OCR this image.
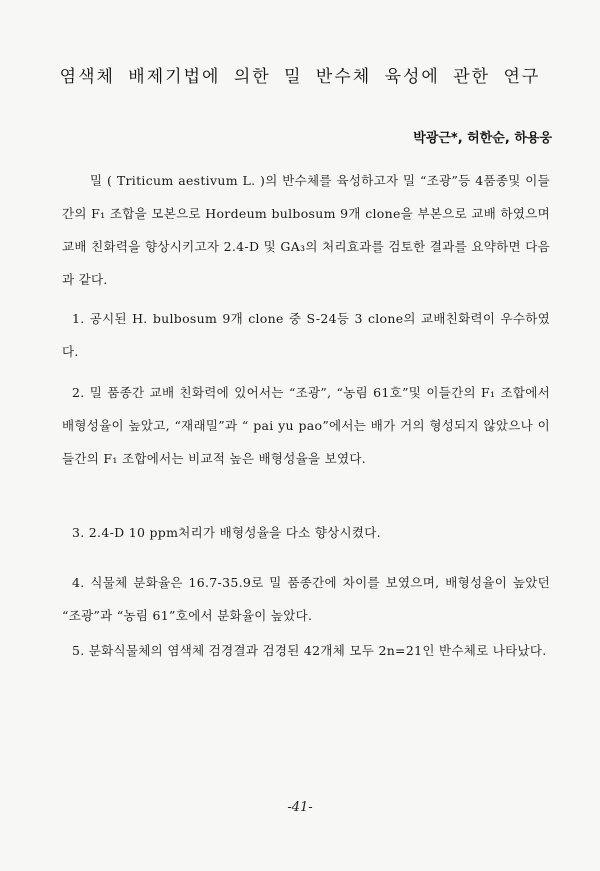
염색체 배제기법에 의한 밀 반수체 육성에 관한 연구
박광근*, 허한순, 하용웅
밀 ( Triticum aestivum L. )의 반수체를 육성하고자 밀 “조광”등 4품종및 이들간의 F₁ 조합을 모본으로 Hordeum bulbosum 9개 clone을 부본으로 교배 하였으며 교배 친화력을 향상시키고자 2.4-D 및 GA₃의 처리효과를 검토한 결과를 요약하면 다음과 같다.
1. 공시된 H. bulbosum 9개 clone 중 S-24등 3 clone의 교배친화력이 우수하였다.
2. 밀 품종간 교배 친화력에 있어서는 “조광”, “농림 61호”및 이들간의 F₁ 조합에서 배형성율이 높았고, “재래밀”과 “ pai yu pao”에서는 배가 거의 형성되지 않았으나 이들간의 F₁ 조합에서는 비교적 높은 배형성율을 보였다.
3. 2.4-D 10 ppm처리가 배형성율을 다소 향상시켰다.
4. 식물체 분화율은 16.7-35.9로 밀 품종간에 차이를 보였으며, 배형성율이 높았던 “조광”과 “농림 61”호에서 분화율이 높았다.
5. 분화식물체의 염색체 검경결과 검경된 42개체 모두 2n=21인 반수체로 나타났다.
-41-
